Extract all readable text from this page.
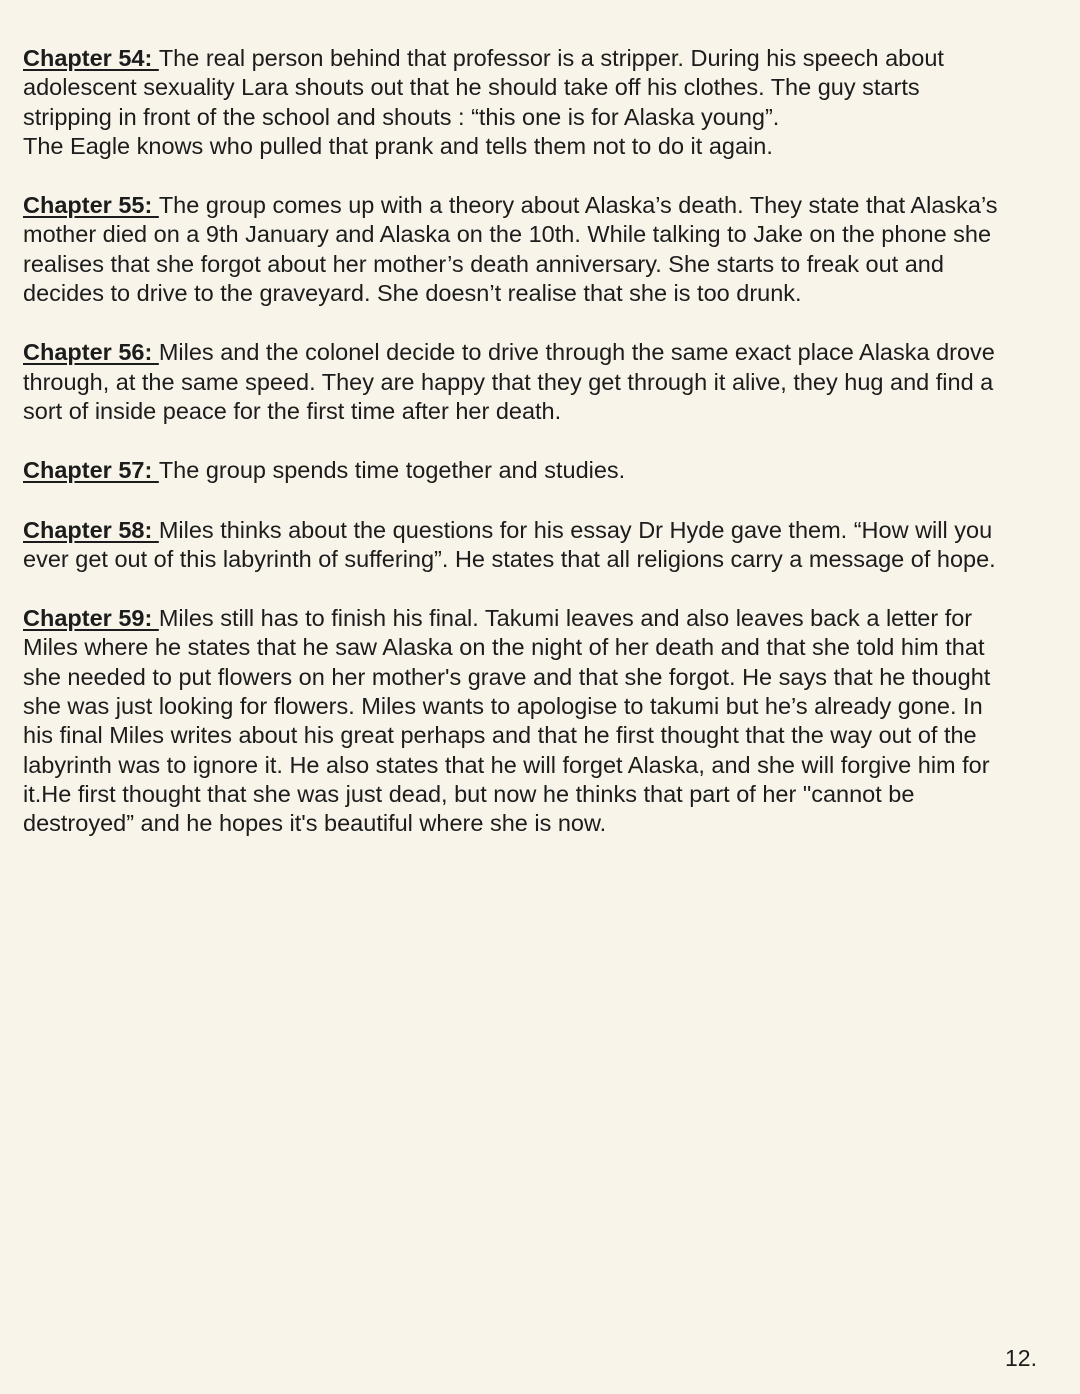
Chapter 54: The real person behind that professor is a stripper. During his speech about adolescent sexuality Lara shouts out that he should take off his clothes. The guy starts stripping in front of the school and shouts : “this one is for Alaska young”.
The Eagle knows who pulled that prank and tells them not to do it again.

Chapter 55: The group comes up with a theory about Alaska’s death. They state that Alaska’s mother died on a 9th January and Alaska on the 10th. While talking to Jake on the phone she realises that she forgot about her mother’s death anniversary. She starts to freak out and decides to drive to the graveyard. She doesn’t realise that she is too drunk.

Chapter 56: Miles and the colonel decide to drive through the same exact place Alaska drove through, at the same speed. They are happy that they get through it alive, they hug and find a sort of inside peace for the first time after her death.

Chapter 57: The group spends time together and studies.

Chapter 58: Miles thinks about the questions for his essay Dr Hyde gave them. “How will you ever get out of this labyrinth of suffering”. He states that all religions carry a message of hope.

Chapter 59: Miles still has to finish his final. Takumi leaves and also leaves back a letter for Miles where he states that he saw Alaska on the night of her death and that she told him that she needed to put flowers on her mother's grave and that she forgot. He says that he thought she was just looking for flowers. Miles wants to apologise to takumi but he’s already gone. In his final Miles writes about his great perhaps and that he first thought that the way out of the labyrinth was to ignore it. He also states that he will forget Alaska, and she will forgive him for it.He first thought that she was just dead, but now he thinks that part of her "cannot be destroyed” and he hopes it's beautiful where she is now.

12.
